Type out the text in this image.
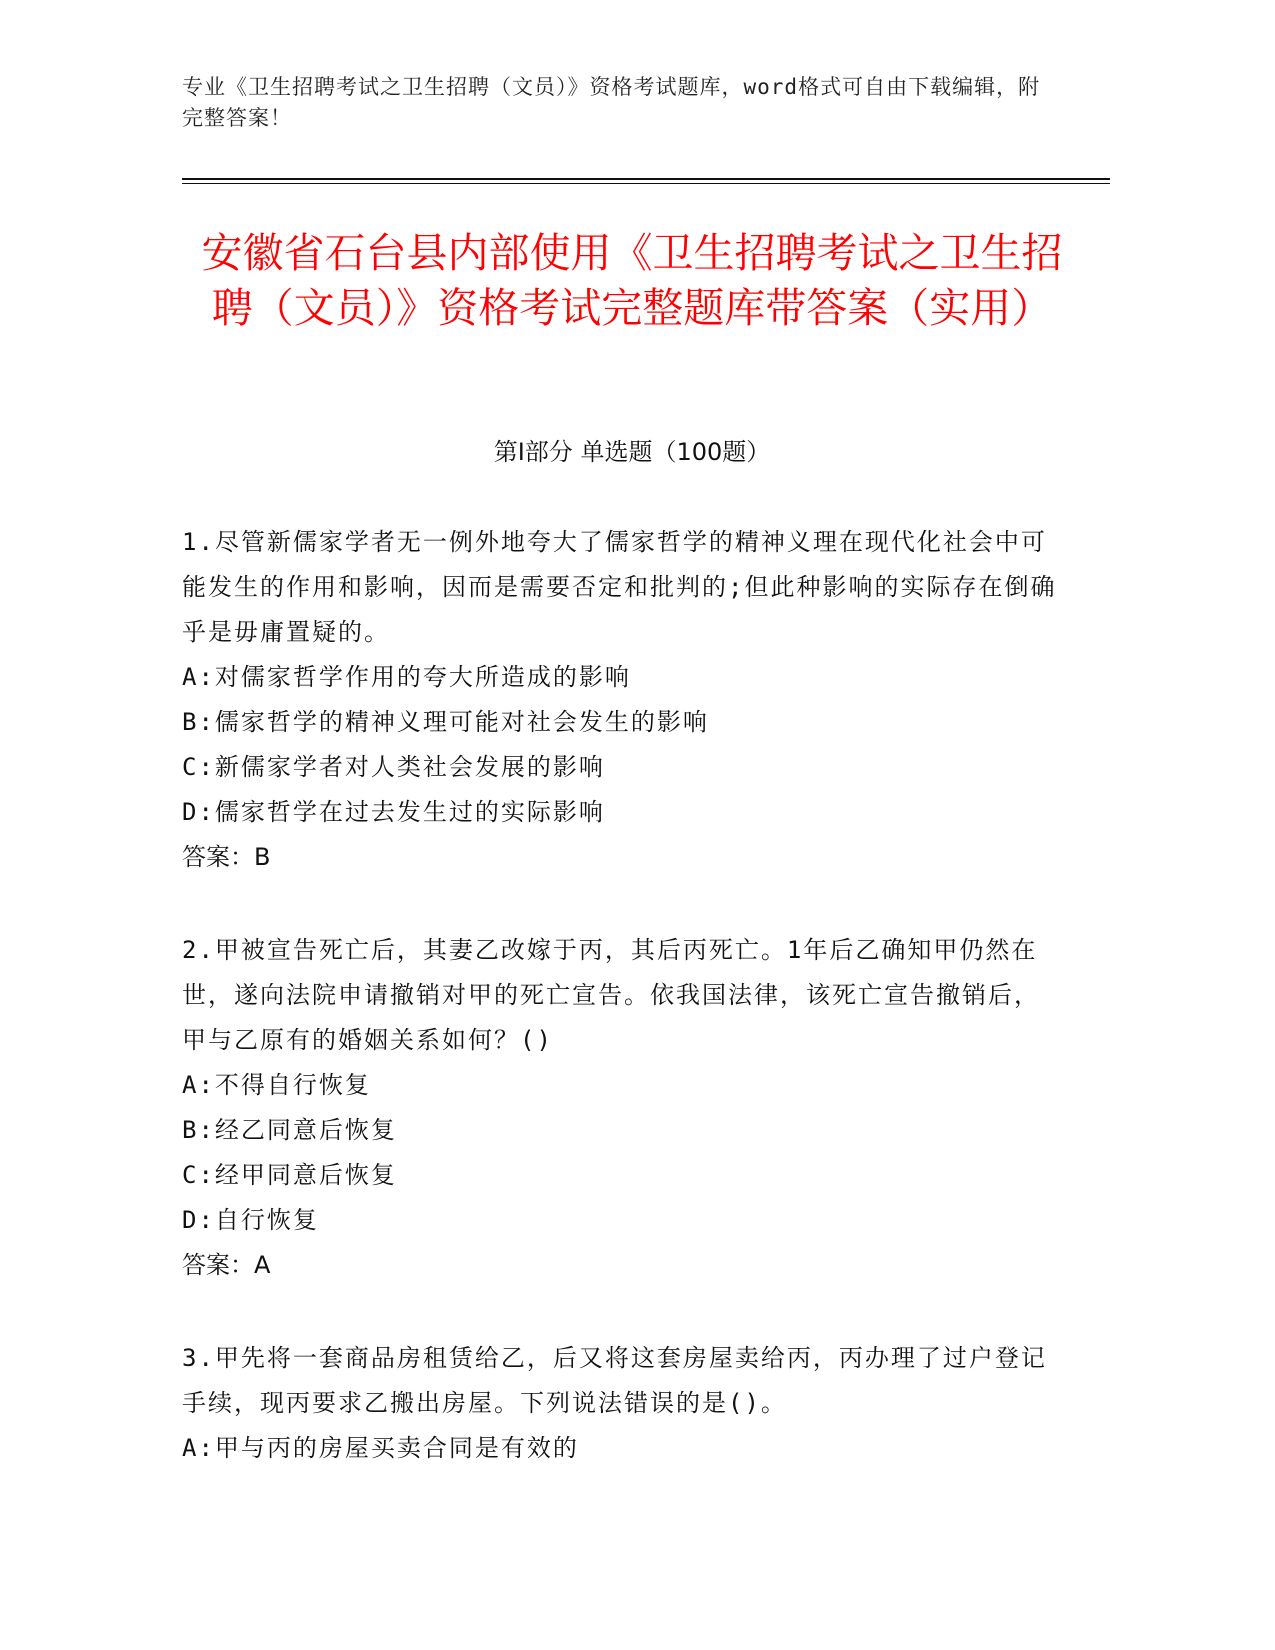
专业《卫生招聘考试之卫生招聘（文员）》资格考试题库，word格式可自由下载编辑，附完整答案！
安徽省石台县内部使用《卫生招聘考试之卫生招聘（文员）》资格考试完整题库带答案（实用）
第Ⅰ部分 单选题（100题）

1.尽管新儒家学者无一例外地夸大了儒家哲学的精神义理在现代化社会中可能发生的作用和影响，因而是需要否定和批判的;但此种影响的实际存在倒确乎是毋庸置疑的。

A:对儒家哲学作用的夸大所造成的影响

B:儒家哲学的精神义理可能对社会发生的影响

C:新儒家学者对人类社会发展的影响

D:儒家哲学在过去发生过的实际影响

答案：B

2.甲被宣告死亡后，其妻乙改嫁于丙，其后丙死亡。1年后乙确知甲仍然在世，遂向法院申请撤销对甲的死亡宣告。依我国法律，该死亡宣告撤销后，甲与乙原有的婚姻关系如何？()

A:不得自行恢复

B:经乙同意后恢复

C:经甲同意后恢复

D:自行恢复

答案：A

3.甲先将一套商品房租赁给乙，后又将这套房屋卖给丙，丙办理了过户登记手续，现丙要求乙搬出房屋。下列说法错误的是()。

A:甲与丙的房屋买卖合同是有效的
